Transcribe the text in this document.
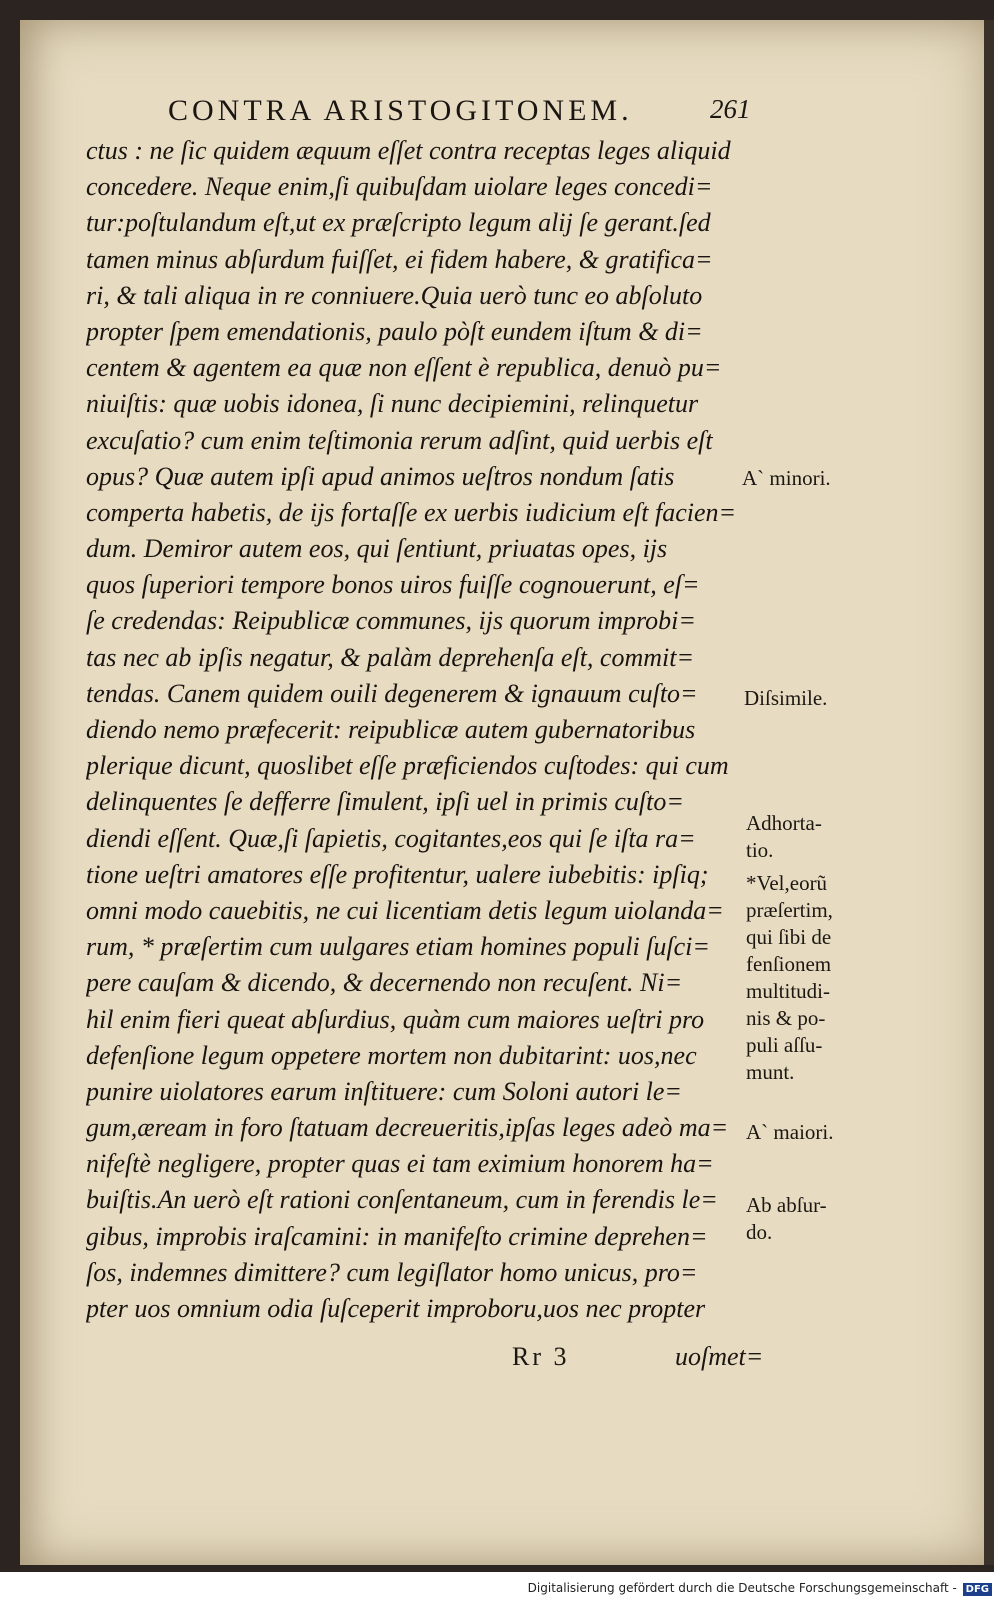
CONTRA ARISTOGITONEM.	261
ctus : ne ſic quidem æquum eſſet contra receptas leges aliquid
concedere. Neque enim,ſi quibuſdam uiolare leges concedi=
tur:poſtulandum eſt,ut ex præſcripto legum alij ſe gerant.ſed
tamen minus abſurdum fuiſſet, ei fidem habere, & gratifica=
ri, & tali aliqua in re conniuere.Quia uerò tunc eo abſoluto
propter ſpem emendationis, paulo pòſt eundem iſtum & di=
centem & agentem ea quæ non eſſent è republica, denuò pu=
niuiſtis: quæ uobis idonea, ſi nunc decipiemini, relinquetur
excuſatio? cum enim teſtimonia rerum adſint, quid uerbis eſt
opus? Quæ autem ipſi apud animos ueſtros nondum ſatis
comperta habetis, de ijs fortaſſe ex uerbis iudicium eſt facien=
dum. Demiror autem eos, qui ſentiunt, priuatas opes, ijs
quos ſuperiori tempore bonos uiros fuiſſe cognouerunt, eſ=
ſe credendas: Reipublicæ communes, ijs quorum improbi=
tas nec ab ipſis negatur, & palàm deprehenſa eſt, commit=
tendas. Canem quidem ouili degenerem & ignauum cuſto=
diendo nemo præfecerit: reipublicæ autem gubernatoribus
plerique dicunt, quoslibet eſſe præficiendos cuſtodes: qui cum
delinquentes ſe defferre ſimulent, ipſi uel in primis cuſto=
diendi eſſent. Quæ,ſi ſapietis, cogitantes,eos qui ſe iſta ra=
tione ueſtri amatores eſſe profitentur, ualere iubebitis: ipſiq;
omni modo cauebitis, ne cui licentiam detis legum uiolanda=
rum, * præſertim cum uulgares etiam homines populi ſuſci=
pere cauſam & dicendo, & decernendo non recuſent. Ni=
hil enim fieri queat abſurdius, quàm cum maiores ueſtri pro
defenſione legum oppetere mortem non dubitarint: uos,nec
punire uiolatores earum inſtituere: cum Soloni autori le=
gum,æream in foro ſtatuam decreueritis,ipſas leges adeò ma=
nifeſtè negligere, propter quas ei tam eximium honorem ha=
buiſtis.An uerò eſt rationi conſentaneum, cum in ferendis le=
gibus, improbis iraſcamini: in manifeſto crimine deprehen=
ſos, indemnes dimittere? cum legiſlator homo unicus, pro=
pter uos omnium odia ſuſceperit improboru,uos nec propter
A` minori.
Diſsimile.
Adhorta-
tio.
*Vel,eorũ
præſertim,
qui ſibi de
fenſionem
multitudi-
nis & po-
puli aſſu-
munt.
A` maiori.
Ab abſur-
do.
Rr 3	uoſmet=
Digitalisierung gefördert durch die Deutsche Forschungsgemeinschaft - DFG
